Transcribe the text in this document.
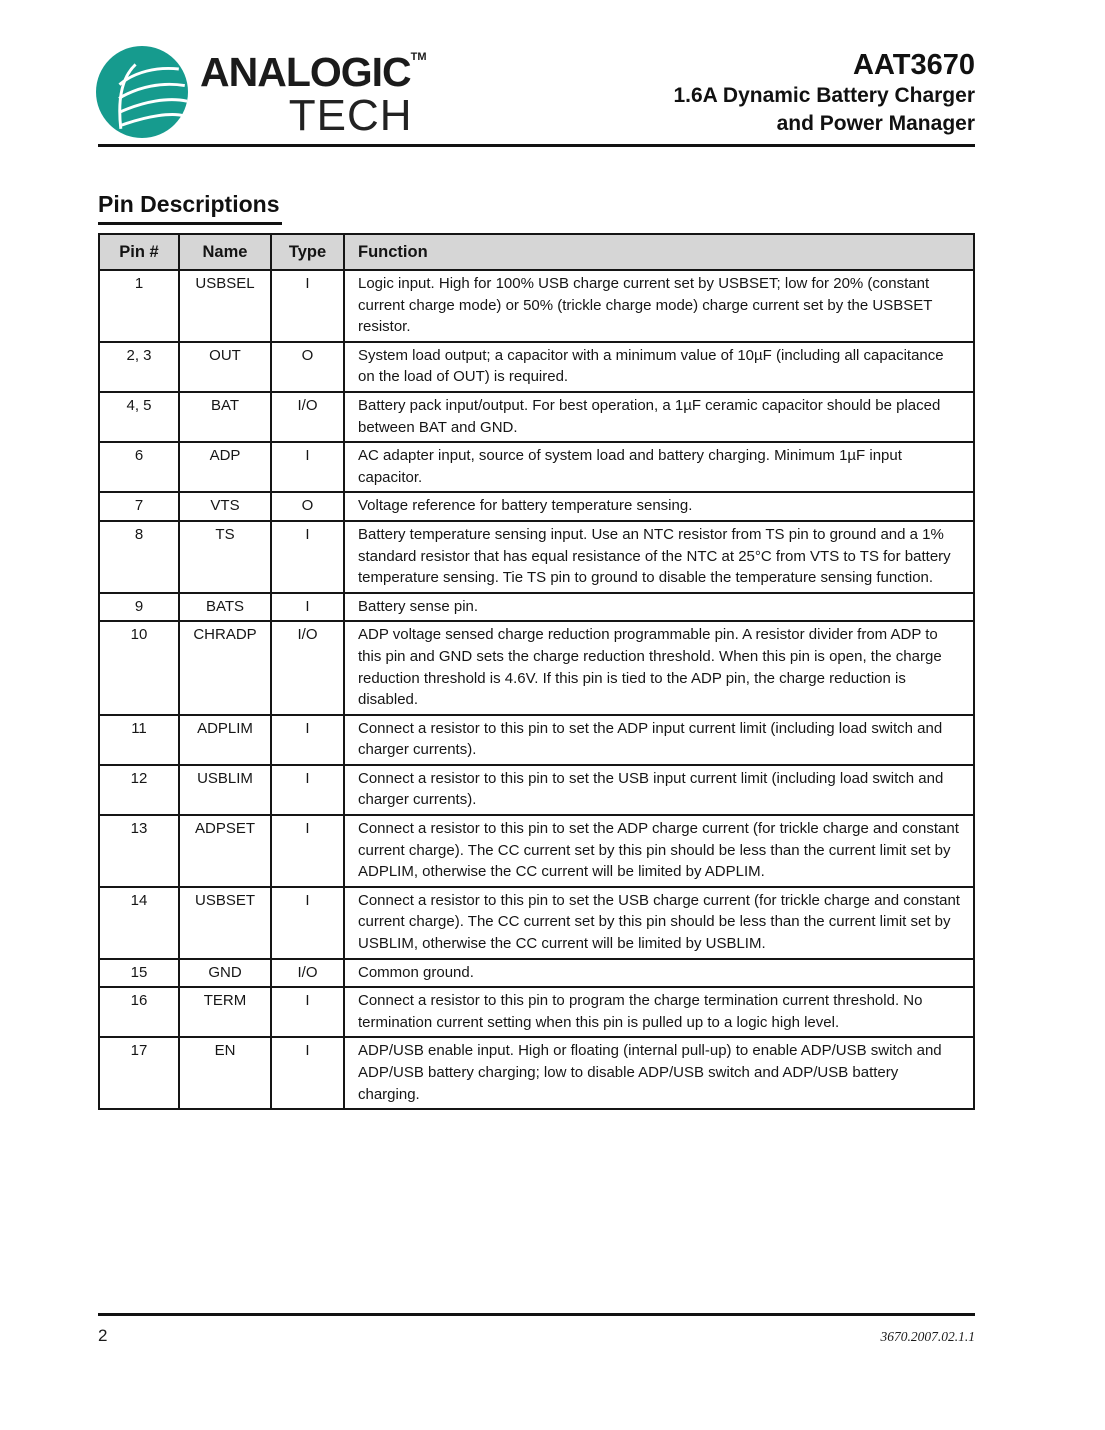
ANALOGIC™
TECH
AAT3670
1.6A Dynamic Battery Charger
and Power Manager
Pin Descriptions
Pin #	Name	Type	Function
1	USBSEL	I	Logic input. High for 100% USB charge current set by USBSET; low for 20% (constant current charge mode) or 50% (trickle charge mode) charge current set by the USBSET resistor.
2, 3	OUT	O	System load output; a capacitor with a minimum value of 10µF (including all capacitance on the load of OUT) is required.
4, 5	BAT	I/O	Battery pack input/output. For best operation, a 1µF ceramic capacitor should be placed between BAT and GND.
6	ADP	I	AC adapter input, source of system load and battery charging. Minimum 1µF input capacitor.
7	VTS	O	Voltage reference for battery temperature sensing.
8	TS	I	Battery temperature sensing input. Use an NTC resistor from TS pin to ground and a 1% standard resistor that has equal resistance of the NTC at 25°C from VTS to TS for battery temperature sensing. Tie TS pin to ground to disable the temperature sensing function.
9	BATS	I	Battery sense pin.
10	CHRADP	I/O	ADP voltage sensed charge reduction programmable pin. A resistor divider from ADP to this pin and GND sets the charge reduction threshold. When this pin is open, the charge reduction threshold is 4.6V. If this pin is tied to the ADP pin, the charge reduction is disabled.
11	ADPLIM	I	Connect a resistor to this pin to set the ADP input current limit (including load switch and charger currents).
12	USBLIM	I	Connect a resistor to this pin to set the USB input current limit (including load switch and charger currents).
13	ADPSET	I	Connect a resistor to this pin to set the ADP charge current (for trickle charge and constant current charge). The CC current set by this pin should be less than the current limit set by ADPLIM, otherwise the CC current will be limited by ADPLIM.
14	USBSET	I	Connect a resistor to this pin to set the USB charge current (for trickle charge and constant current charge). The CC current set by this pin should be less than the current limit set by USBLIM, otherwise the CC current will be limited by USBLIM.
15	GND	I/O	Common ground.
16	TERM	I	Connect a resistor to this pin to program the charge termination current threshold. No termination current setting when this pin is pulled up to a logic high level.
17	EN	I	ADP/USB enable input. High or floating (internal pull-up) to enable ADP/USB switch and ADP/USB battery charging; low to disable ADP/USB switch and ADP/USB battery charging.
2	3670.2007.02.1.1
